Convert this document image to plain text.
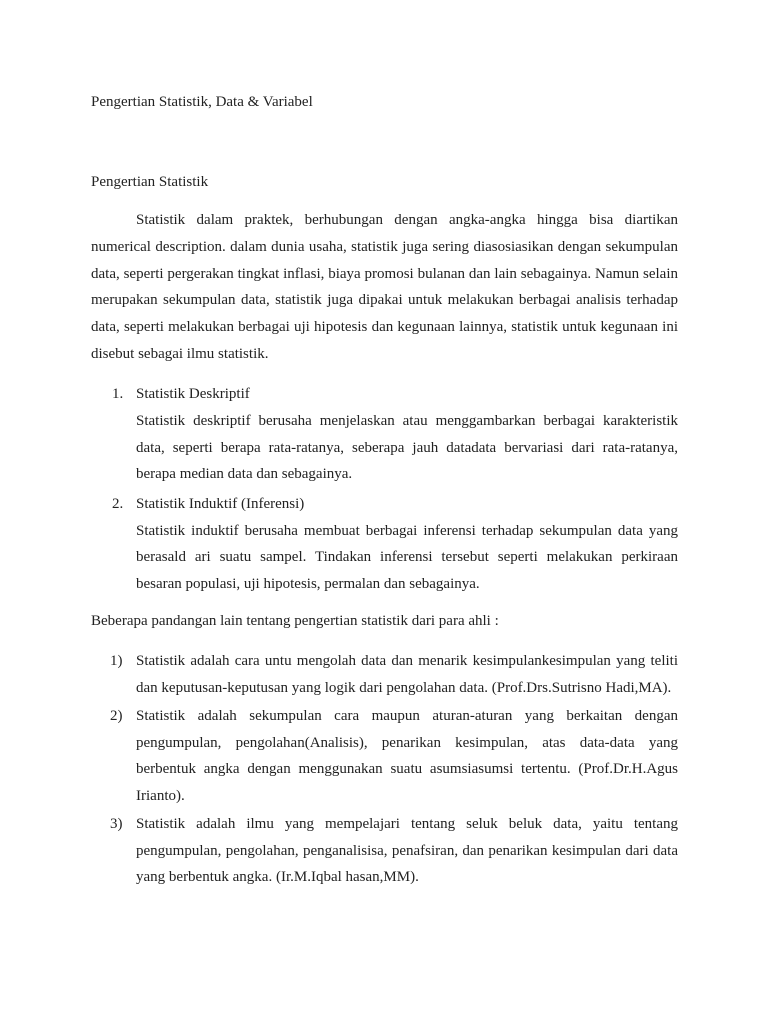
Pengertian Statistik, Data & Variabel
Pengertian Statistik

Statistik dalam praktek, berhubungan dengan angka-angka hingga bisa diartikan numerical description. dalam dunia usaha, statistik juga sering diasosiasikan dengan sekumpulan data, seperti pergerakan tingkat inflasi, biaya promosi bulanan dan lain sebagainya. Namun selain merupakan sekumpulan data, statistik juga dipakai untuk melakukan berbagai analisis terhadap data, seperti melakukan berbagai uji hipotesis dan kegunaan lainnya, statistik untuk kegunaan ini disebut sebagai ilmu statistik.

1. Statistik Deskriptif
Statistik deskriptif berusaha menjelaskan atau menggambarkan berbagai karakteristik data, seperti berapa rata-ratanya, seberapa jauh datadata bervariasi dari rata-ratanya, berapa median data dan sebagainya.
2. Statistik Induktif (Inferensi)
Statistik induktif berusaha membuat berbagai inferensi terhadap sekumpulan data yang berasald ari suatu sampel. Tindakan inferensi tersebut seperti melakukan perkiraan besaran populasi, uji hipotesis, permalan dan sebagainya.
Beberapa pandangan lain tentang pengertian statistik dari para ahli :
1) Statistik adalah cara untu mengolah data dan menarik kesimpulankesimpulan yang teliti dan keputusan-keputusan yang logik dari pengolahan data. (Prof.Drs.Sutrisno Hadi,MA).
2) Statistik adalah sekumpulan cara maupun aturan-aturan yang berkaitan dengan pengumpulan, pengolahan(Analisis), penarikan kesimpulan, atas data-data yang berbentuk angka dengan menggunakan suatu asumsiasumsi tertentu. (Prof.Dr.H.Agus Irianto).
3) Statistik adalah ilmu yang mempelajari tentang seluk beluk data, yaitu tentang pengumpulan, pengolahan, penganalisisa, penafsiran, dan penarikan kesimpulan dari data yang berbentuk angka. (Ir.M.Iqbal hasan,MM).
